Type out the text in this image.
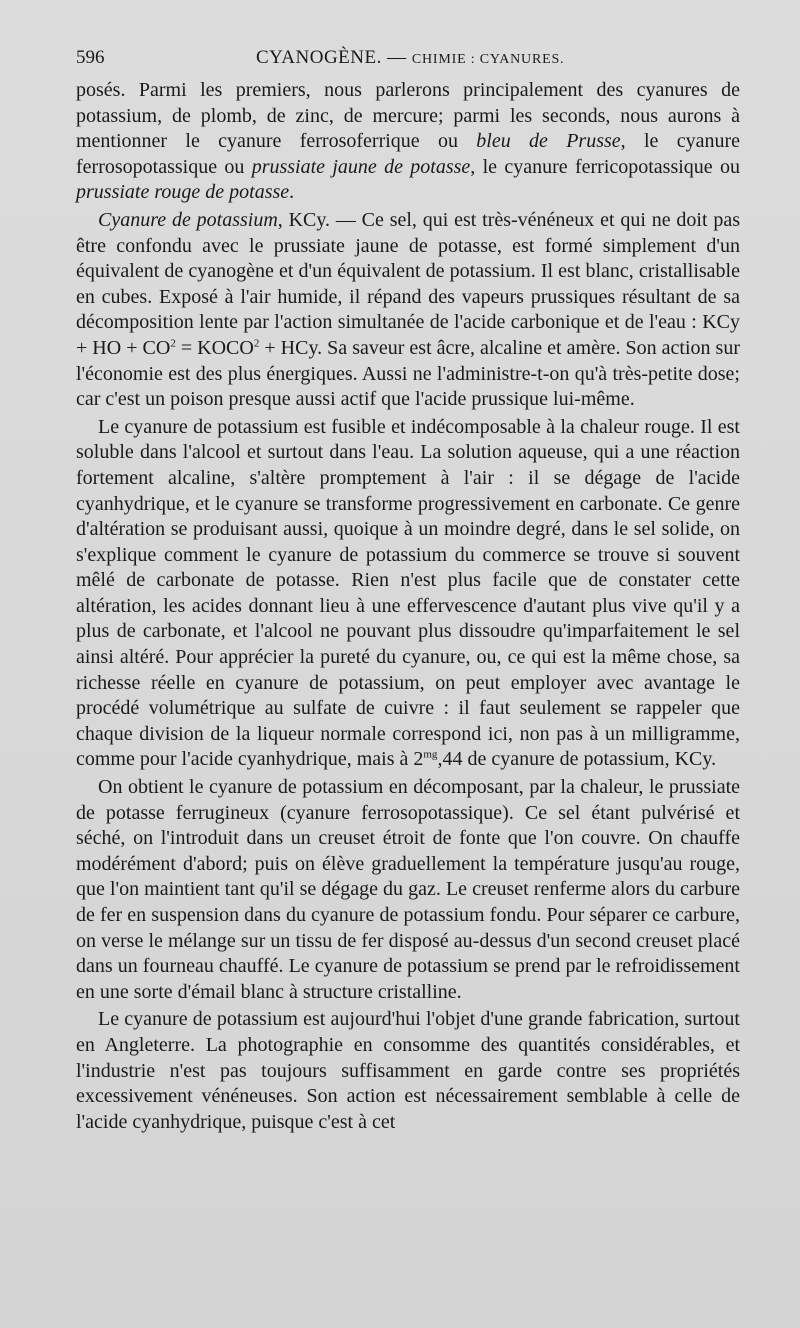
596	CYANOGÈNE. — CHIMIE : CYANURES.

posés. Parmi les premiers, nous parlerons principalement des cyanures de potassium, de plomb, de zinc, de mercure; parmi les seconds, nous aurons à mentionner le cyanure ferrosoferrique ou bleu de Prusse, le cyanure ferrosopotassique ou prussiate jaune de potasse, le cyanure ferricopotassique ou prussiate rouge de potasse.

Cyanure de potassium, KCy. — Ce sel, qui est très-vénéneux et qui ne doit pas être confondu avec le prussiate jaune de potasse, est formé simplement d'un équivalent de cyanogène et d'un équivalent de potassium. Il est blanc, cristallisable en cubes. Exposé à l'air humide, il répand des vapeurs prussiques résultant de sa décomposition lente par l'action simultanée de l'acide carbonique et de l'eau : KCy + HO + $CO^2$ = $KOCO^2$ + HCy. Sa saveur est âcre, alcaline et amère. Son action sur l'économie est des plus énergiques. Aussi ne l'administre-t-on qu'à très-petite dose; car c'est un poison presque aussi actif que l'acide prussique lui-même.

Le cyanure de potassium est fusible et indécomposable à la chaleur rouge. Il est soluble dans l'alcool et surtout dans l'eau. La solution aqueuse, qui a une réaction fortement alcaline, s'altère promptement à l'air : il se dégage de l'acide cyanhydrique, et le cyanure se transforme progressivement en carbonate. Ce genre d'altération se produisant aussi, quoique à un moindre degré, dans le sel solide, on s'explique comment le cyanure de potassium du commerce se trouve si souvent mêlé de carbonate de potasse. Rien n'est plus facile que de constater cette altération, les acides donnant lieu à une effervescence d'autant plus vive qu'il y a plus de carbonate, et l'alcool ne pouvant plus dissoudre qu'imparfaitement le sel ainsi altéré. Pour apprécier la pureté du cyanure, ou, ce qui est la même chose, sa richesse réelle en cyanure de potassium, on peut employer avec avantage le procédé volumétrique au sulfate de cuivre : il faut seulement se rappeler que chaque division de la liqueur normale correspond ici, non pas à un milligramme, comme pour l'acide cyanhydrique, mais à $2^{mg},44$ de cyanure de potassium, KCy.

On obtient le cyanure de potassium en décomposant, par la chaleur, le prussiate de potasse ferrugineux (cyanure ferrosopotassique). Ce sel étant pulvérisé et séché, on l'introduit dans un creuset étroit de fonte que l'on couvre. On chauffe modérément d'abord; puis on élève graduellement la température jusqu'au rouge, que l'on maintient tant qu'il se dégage du gaz. Le creuset renferme alors du carbure de fer en suspension dans du cyanure de potassium fondu. Pour séparer ce carbure, on verse le mélange sur un tissu de fer disposé au-dessus d'un second creuset placé dans un fourneau chauffé. Le cyanure de potassium se prend par le refroidissement en une sorte d'émail blanc à structure cristalline.

Le cyanure de potassium est aujourd'hui l'objet d'une grande fabrication, surtout en Angleterre. La photographie en consomme des quantités considérables, et l'industrie n'est pas toujours suffisamment en garde contre ses propriétés excessivement vénéneuses. Son action est nécessairement semblable à celle de l'acide cyanhydrique, puisque c'est à cet
